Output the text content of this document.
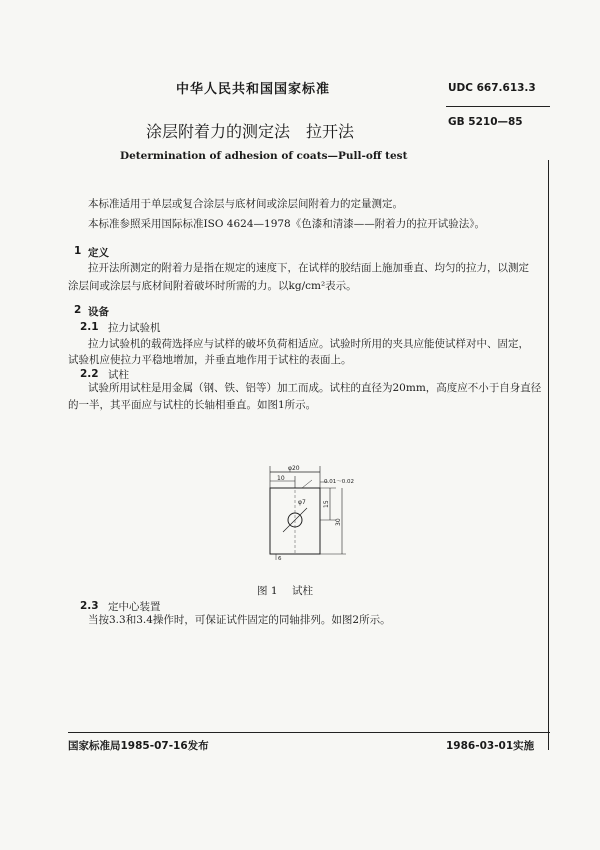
中华人民共和国国家标准	UDC 667.613.3
GB 5210—85
涂层附着力的测定法　拉开法
Determination of adhesion of coats—Pull-off test
本标准适用于单层或复合涂层与底材间或涂层间附着力的定量测定。
本标准参照采用国际标准ISO 4624—1978《色漆和清漆——附着力的拉开试验法》。
1 定义
拉开法所测定的附着力是指在规定的速度下，在试样的胶结面上施加垂直、均匀的拉力，以测定
涂层间或涂层与底材间附着破坏时所需的力。以kg/cm²表示。
2 设备
2.1 拉力试验机
拉力试验机的载荷选择应与试样的破坏负荷相适应。试验时所用的夹具应能使试样对中、固定，
试验机应使拉力平稳地增加，并垂直地作用于试柱的表面上。
2.2 试柱
试验所用试柱是用金属（钢、铁、铝等）加工而成。试柱的直径为20mm，高度应不小于自身直径
的一半，其平面应与试柱的长轴相垂直。如图1所示。
φ20
10	0.01～0.02
φ7	15
30
6
图 1 试柱
2.3 定中心装置
当按3.3和3.4操作时，可保证试件固定的同轴排列。如图2所示。
国家标准局1985-07-16发布	1986-03-01实施
